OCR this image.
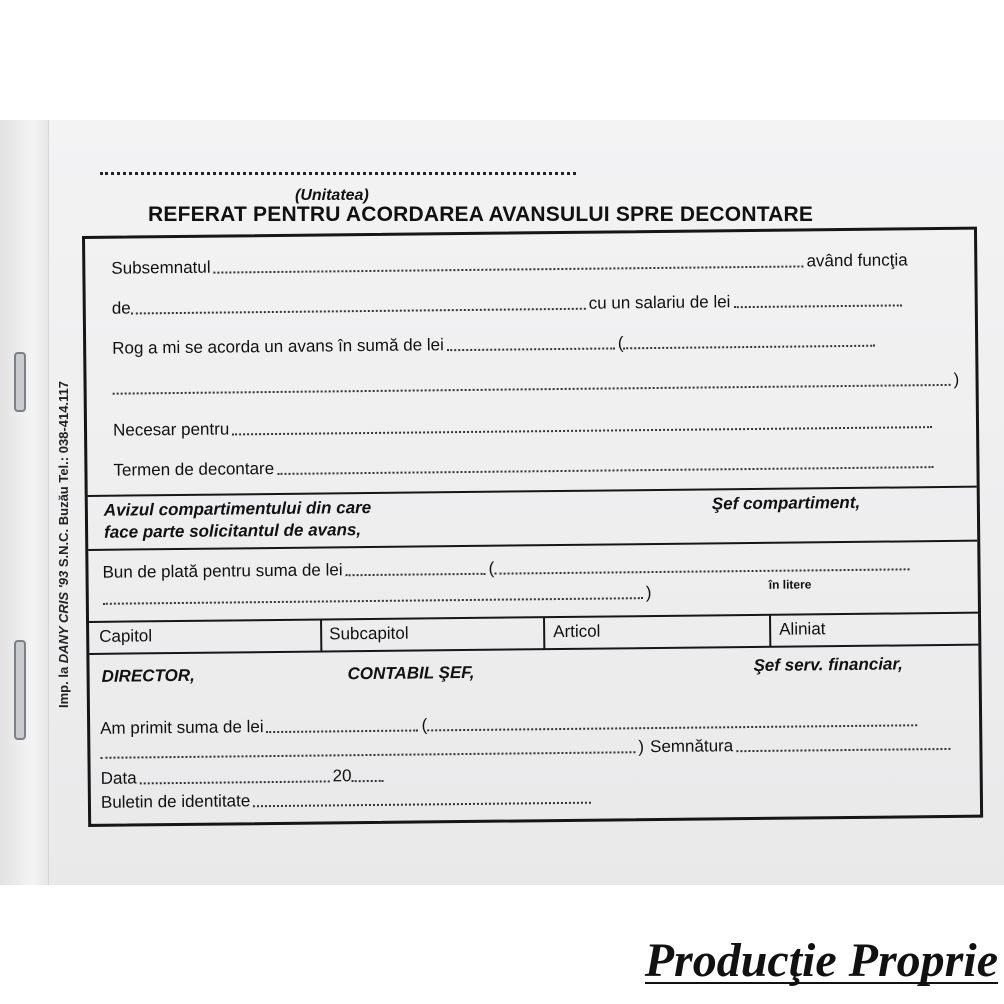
Imp. la DANY CRIS '93 S.N.C. Buzău Tel.: 038-414.117
(Unitatea)
REFERAT PENTRU ACORDAREA AVANSULUI SPRE DECONTARE
Subsemnatul	având funcţia
de	cu un salariu de lei
Rog a mi se acorda un avans în sumă de lei	(
)
Necesar pentru
Termen de decontare
Avizul compartimentului din care
face parte solicitantul de avans,
Şef compartiment,
Bun de plată pentru suma de lei	(
)	în litere
Capitol	Subcapitol	Articol	Aliniat
DIRECTOR,	CONTABIL ŞEF,	Şef serv. financiar,
Am primit suma de lei	(
) Semnătura
Data	20
Buletin de identitate
Producţie Proprie
